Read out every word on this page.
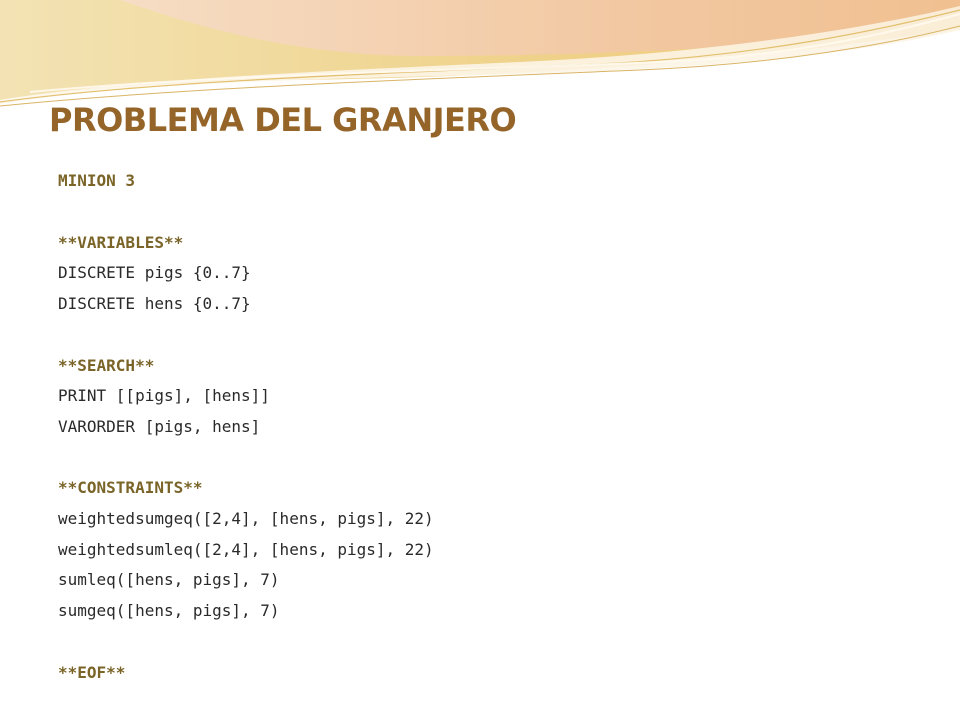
PROBLEMA DEL GRANJERO
MINION 3
**VARIABLES**
DISCRETE pigs {0..7}
DISCRETE hens {0..7}
**SEARCH**
PRINT [[pigs], [hens]]
VARORDER [pigs, hens]
**CONSTRAINTS**
weightedsumgeq([2,4], [hens, pigs], 22)
weightedsumleq([2,4], [hens, pigs], 22)
sumleq([hens, pigs], 7)
sumgeq([hens, pigs], 7)
**EOF**
